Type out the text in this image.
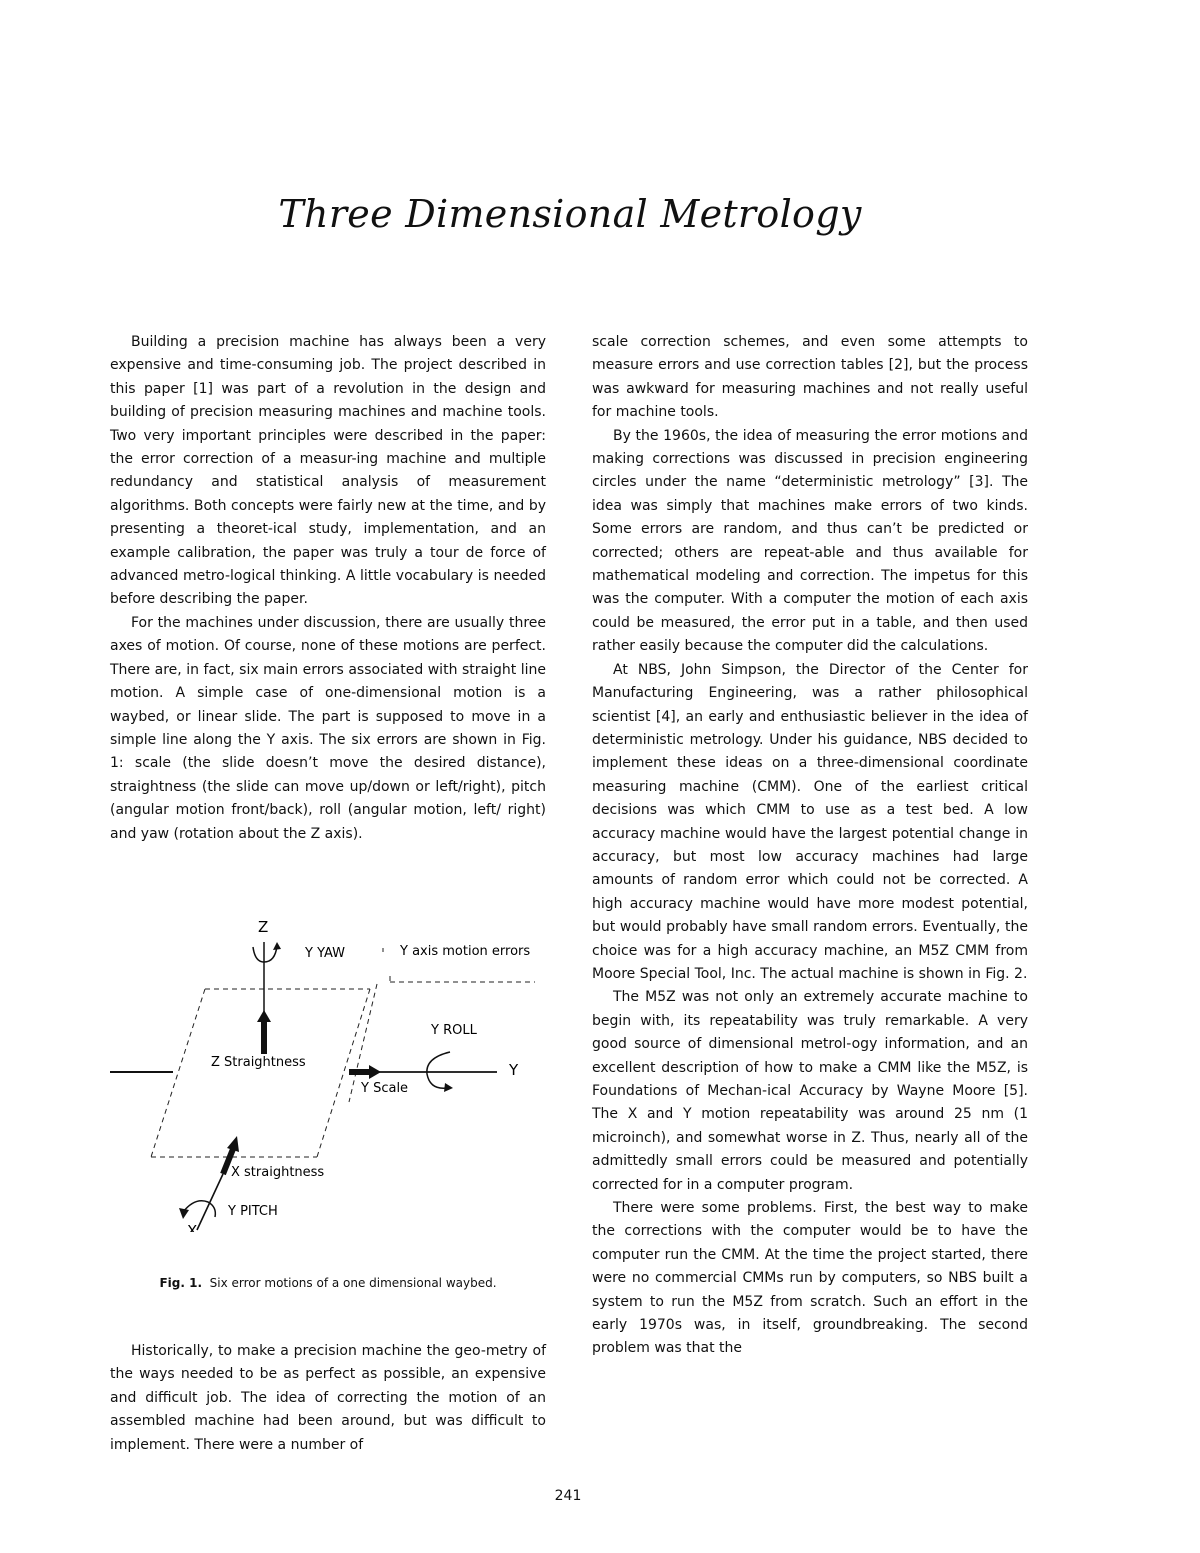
Three Dimensional Metrology

Building a precision machine has always been a very expensive and time-consuming job. The project described in this paper [1] was part of a revolution in the design and building of precision measuring machines and machine tools. Two very important principles were described in the paper: the error correction of a measur-ing machine and multiple redundancy and statistical analysis of measurement algorithms. Both concepts were fairly new at the time, and by presenting a theoret-ical study, implementation, and an example calibration, the paper was truly a tour de force of advanced metro-logical thinking. A little vocabulary is needed before describing the paper.

For the machines under discussion, there are usually three axes of motion. Of course, none of these motions are perfect. There are, in fact, six main errors associated with straight line motion. A simple case of one-dimensional motion is a waybed, or linear slide. The part is supposed to move in a simple line along the Y axis. The six errors are shown in Fig. 1: scale (the slide doesn’t move the desired distance), straightness (the slide can move up/down or left/right), pitch (angular motion front/back), roll (angular motion, left/ right) and yaw (rotation about the Z axis).

Z
Y YAW	Y axis motion errors
Y ROLL
Z Straightness	Y
Y Scale
X straightness
Y PITCH
X
Fig. 1. Six error motions of a one dimensional waybed.

Historically, to make a precision machine the geo-metry of the ways needed to be as perfect as possible, an expensive and difficult job. The idea of correcting the motion of an assembled machine had been around, but was difficult to implement. There were a number of

scale correction schemes, and even some attempts to measure errors and use correction tables [2], but the process was awkward for measuring machines and not really useful for machine tools.

By the 1960s, the idea of measuring the error motions and making corrections was discussed in precision engineering circles under the name “deterministic metrology” [3]. The idea was simply that machines make errors of two kinds. Some errors are random, and thus can’t be predicted or corrected; others are repeat-able and thus available for mathematical modeling and correction. The impetus for this was the computer. With a computer the motion of each axis could be measured, the error put in a table, and then used rather easily because the computer did the calculations.

At NBS, John Simpson, the Director of the Center for Manufacturing Engineering, was a rather philosophical scientist [4], an early and enthusiastic believer in the idea of deterministic metrology. Under his guidance, NBS decided to implement these ideas on a three-dimensional coordinate measuring machine (CMM). One of the earliest critical decisions was which CMM to use as a test bed. A low accuracy machine would have the largest potential change in accuracy, but most low accuracy machines had large amounts of random error which could not be corrected. A high accuracy machine would have more modest potential, but would probably have small random errors. Eventually, the choice was for a high accuracy machine, an M5Z CMM from Moore Special Tool, Inc. The actual machine is shown in Fig. 2.

The M5Z was not only an extremely accurate machine to begin with, its repeatability was truly remarkable. A very good source of dimensional metrol-ogy information, and an excellent description of how to make a CMM like the M5Z, is Foundations of Mechan-ical Accuracy by Wayne Moore [5]. The X and Y motion repeatability was around 25 nm (1 microinch), and somewhat worse in Z. Thus, nearly all of the admittedly small errors could be measured and potentially corrected for in a computer program.

There were some problems. First, the best way to make the corrections with the computer would be to have the computer run the CMM. At the time the project started, there were no commercial CMMs run by computers, so NBS built a system to run the M5Z from scratch. Such an effort in the early 1970s was, in itself, groundbreaking. The second problem was that the

241
